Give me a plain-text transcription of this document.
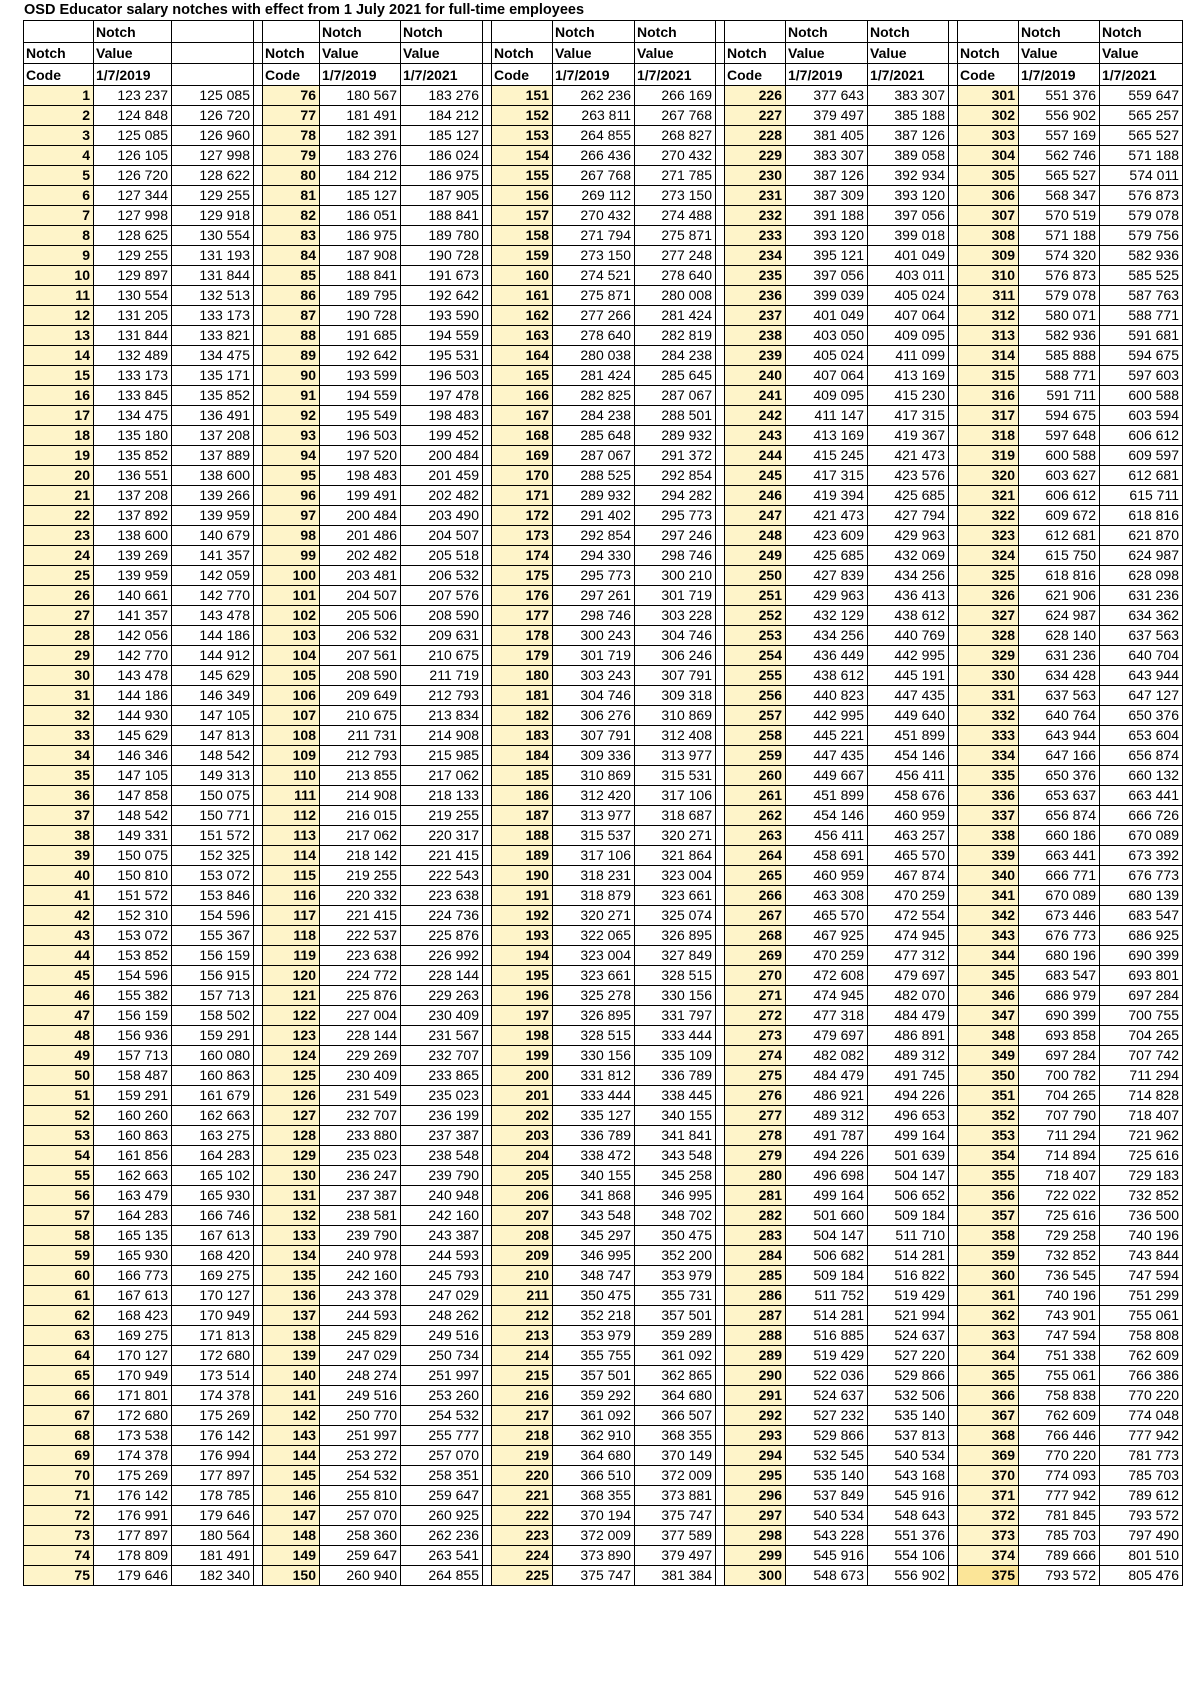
OSD Educator salary notches with effect from 1 July 2021 for full-time employees
	Notch				Notch	Notch			Notch	Notch			Notch	Notch			Notch	Notch
Notch	Value			Notch	Value	Value		Notch	Value	Value		Notch	Value	Value		Notch	Value	Value
Code	1/7/2019			Code	1/7/2019	1/7/2021		Code	1/7/2019	1/7/2021		Code	1/7/2019	1/7/2021		Code	1/7/2019	1/7/2021
1	123 237	125 085		76	180 567	183 276		151	262 236	266 169		226	377 643	383 307		301	551 376	559 647
2	124 848	126 720		77	181 491	184 212		152	263 811	267 768		227	379 497	385 188		302	556 902	565 257
3	125 085	126 960		78	182 391	185 127		153	264 855	268 827		228	381 405	387 126		303	557 169	565 527
4	126 105	127 998		79	183 276	186 024		154	266 436	270 432		229	383 307	389 058		304	562 746	571 188
5	126 720	128 622		80	184 212	186 975		155	267 768	271 785		230	387 126	392 934		305	565 527	574 011
6	127 344	129 255		81	185 127	187 905		156	269 112	273 150		231	387 309	393 120		306	568 347	576 873
7	127 998	129 918		82	186 051	188 841		157	270 432	274 488		232	391 188	397 056		307	570 519	579 078
8	128 625	130 554		83	186 975	189 780		158	271 794	275 871		233	393 120	399 018		308	571 188	579 756
9	129 255	131 193		84	187 908	190 728		159	273 150	277 248		234	395 121	401 049		309	574 320	582 936
10	129 897	131 844		85	188 841	191 673		160	274 521	278 640		235	397 056	403 011		310	576 873	585 525
11	130 554	132 513		86	189 795	192 642		161	275 871	280 008		236	399 039	405 024		311	579 078	587 763
12	131 205	133 173		87	190 728	193 590		162	277 266	281 424		237	401 049	407 064		312	580 071	588 771
13	131 844	133 821		88	191 685	194 559		163	278 640	282 819		238	403 050	409 095		313	582 936	591 681
14	132 489	134 475		89	192 642	195 531		164	280 038	284 238		239	405 024	411 099		314	585 888	594 675
15	133 173	135 171		90	193 599	196 503		165	281 424	285 645		240	407 064	413 169		315	588 771	597 603
16	133 845	135 852		91	194 559	197 478		166	282 825	287 067		241	409 095	415 230		316	591 711	600 588
17	134 475	136 491		92	195 549	198 483		167	284 238	288 501		242	411 147	417 315		317	594 675	603 594
18	135 180	137 208		93	196 503	199 452		168	285 648	289 932		243	413 169	419 367		318	597 648	606 612
19	135 852	137 889		94	197 520	200 484		169	287 067	291 372		244	415 245	421 473		319	600 588	609 597
20	136 551	138 600		95	198 483	201 459		170	288 525	292 854		245	417 315	423 576		320	603 627	612 681
21	137 208	139 266		96	199 491	202 482		171	289 932	294 282		246	419 394	425 685		321	606 612	615 711
22	137 892	139 959		97	200 484	203 490		172	291 402	295 773		247	421 473	427 794		322	609 672	618 816
23	138 600	140 679		98	201 486	204 507		173	292 854	297 246		248	423 609	429 963		323	612 681	621 870
24	139 269	141 357		99	202 482	205 518		174	294 330	298 746		249	425 685	432 069		324	615 750	624 987
25	139 959	142 059		100	203 481	206 532		175	295 773	300 210		250	427 839	434 256		325	618 816	628 098
26	140 661	142 770		101	204 507	207 576		176	297 261	301 719		251	429 963	436 413		326	621 906	631 236
27	141 357	143 478		102	205 506	208 590		177	298 746	303 228		252	432 129	438 612		327	624 987	634 362
28	142 056	144 186		103	206 532	209 631		178	300 243	304 746		253	434 256	440 769		328	628 140	637 563
29	142 770	144 912		104	207 561	210 675		179	301 719	306 246		254	436 449	442 995		329	631 236	640 704
30	143 478	145 629		105	208 590	211 719		180	303 243	307 791		255	438 612	445 191		330	634 428	643 944
31	144 186	146 349		106	209 649	212 793		181	304 746	309 318		256	440 823	447 435		331	637 563	647 127
32	144 930	147 105		107	210 675	213 834		182	306 276	310 869		257	442 995	449 640		332	640 764	650 376
33	145 629	147 813		108	211 731	214 908		183	307 791	312 408		258	445 221	451 899		333	643 944	653 604
34	146 346	148 542		109	212 793	215 985		184	309 336	313 977		259	447 435	454 146		334	647 166	656 874
35	147 105	149 313		110	213 855	217 062		185	310 869	315 531		260	449 667	456 411		335	650 376	660 132
36	147 858	150 075		111	214 908	218 133		186	312 420	317 106		261	451 899	458 676		336	653 637	663 441
37	148 542	150 771		112	216 015	219 255		187	313 977	318 687		262	454 146	460 959		337	656 874	666 726
38	149 331	151 572		113	217 062	220 317		188	315 537	320 271		263	456 411	463 257		338	660 186	670 089
39	150 075	152 325		114	218 142	221 415		189	317 106	321 864		264	458 691	465 570		339	663 441	673 392
40	150 810	153 072		115	219 255	222 543		190	318 231	323 004		265	460 959	467 874		340	666 771	676 773
41	151 572	153 846		116	220 332	223 638		191	318 879	323 661		266	463 308	470 259		341	670 089	680 139
42	152 310	154 596		117	221 415	224 736		192	320 271	325 074		267	465 570	472 554		342	673 446	683 547
43	153 072	155 367		118	222 537	225 876		193	322 065	326 895		268	467 925	474 945		343	676 773	686 925
44	153 852	156 159		119	223 638	226 992		194	323 004	327 849		269	470 259	477 312		344	680 196	690 399
45	154 596	156 915		120	224 772	228 144		195	323 661	328 515		270	472 608	479 697		345	683 547	693 801
46	155 382	157 713		121	225 876	229 263		196	325 278	330 156		271	474 945	482 070		346	686 979	697 284
47	156 159	158 502		122	227 004	230 409		197	326 895	331 797		272	477 318	484 479		347	690 399	700 755
48	156 936	159 291		123	228 144	231 567		198	328 515	333 444		273	479 697	486 891		348	693 858	704 265
49	157 713	160 080		124	229 269	232 707		199	330 156	335 109		274	482 082	489 312		349	697 284	707 742
50	158 487	160 863		125	230 409	233 865		200	331 812	336 789		275	484 479	491 745		350	700 782	711 294
51	159 291	161 679		126	231 549	235 023		201	333 444	338 445		276	486 921	494 226		351	704 265	714 828
52	160 260	162 663		127	232 707	236 199		202	335 127	340 155		277	489 312	496 653		352	707 790	718 407
53	160 863	163 275		128	233 880	237 387		203	336 789	341 841		278	491 787	499 164		353	711 294	721 962
54	161 856	164 283		129	235 023	238 548		204	338 472	343 548		279	494 226	501 639		354	714 894	725 616
55	162 663	165 102		130	236 247	239 790		205	340 155	345 258		280	496 698	504 147		355	718 407	729 183
56	163 479	165 930		131	237 387	240 948		206	341 868	346 995		281	499 164	506 652		356	722 022	732 852
57	164 283	166 746		132	238 581	242 160		207	343 548	348 702		282	501 660	509 184		357	725 616	736 500
58	165 135	167 613		133	239 790	243 387		208	345 297	350 475		283	504 147	511 710		358	729 258	740 196
59	165 930	168 420		134	240 978	244 593		209	346 995	352 200		284	506 682	514 281		359	732 852	743 844
60	166 773	169 275		135	242 160	245 793		210	348 747	353 979		285	509 184	516 822		360	736 545	747 594
61	167 613	170 127		136	243 378	247 029		211	350 475	355 731		286	511 752	519 429		361	740 196	751 299
62	168 423	170 949		137	244 593	248 262		212	352 218	357 501		287	514 281	521 994		362	743 901	755 061
63	169 275	171 813		138	245 829	249 516		213	353 979	359 289		288	516 885	524 637		363	747 594	758 808
64	170 127	172 680		139	247 029	250 734		214	355 755	361 092		289	519 429	527 220		364	751 338	762 609
65	170 949	173 514		140	248 274	251 997		215	357 501	362 865		290	522 036	529 866		365	755 061	766 386
66	171 801	174 378		141	249 516	253 260		216	359 292	364 680		291	524 637	532 506		366	758 838	770 220
67	172 680	175 269		142	250 770	254 532		217	361 092	366 507		292	527 232	535 140		367	762 609	774 048
68	173 538	176 142		143	251 997	255 777		218	362 910	368 355		293	529 866	537 813		368	766 446	777 942
69	174 378	176 994		144	253 272	257 070		219	364 680	370 149		294	532 545	540 534		369	770 220	781 773
70	175 269	177 897		145	254 532	258 351		220	366 510	372 009		295	535 140	543 168		370	774 093	785 703
71	176 142	178 785		146	255 810	259 647		221	368 355	373 881		296	537 849	545 916		371	777 942	789 612
72	176 991	179 646		147	257 070	260 925		222	370 194	375 747		297	540 534	548 643		372	781 845	793 572
73	177 897	180 564		148	258 360	262 236		223	372 009	377 589		298	543 228	551 376		373	785 703	797 490
74	178 809	181 491		149	259 647	263 541		224	373 890	379 497		299	545 916	554 106		374	789 666	801 510
75	179 646	182 340		150	260 940	264 855		225	375 747	381 384		300	548 673	556 902		375	793 572	805 476
